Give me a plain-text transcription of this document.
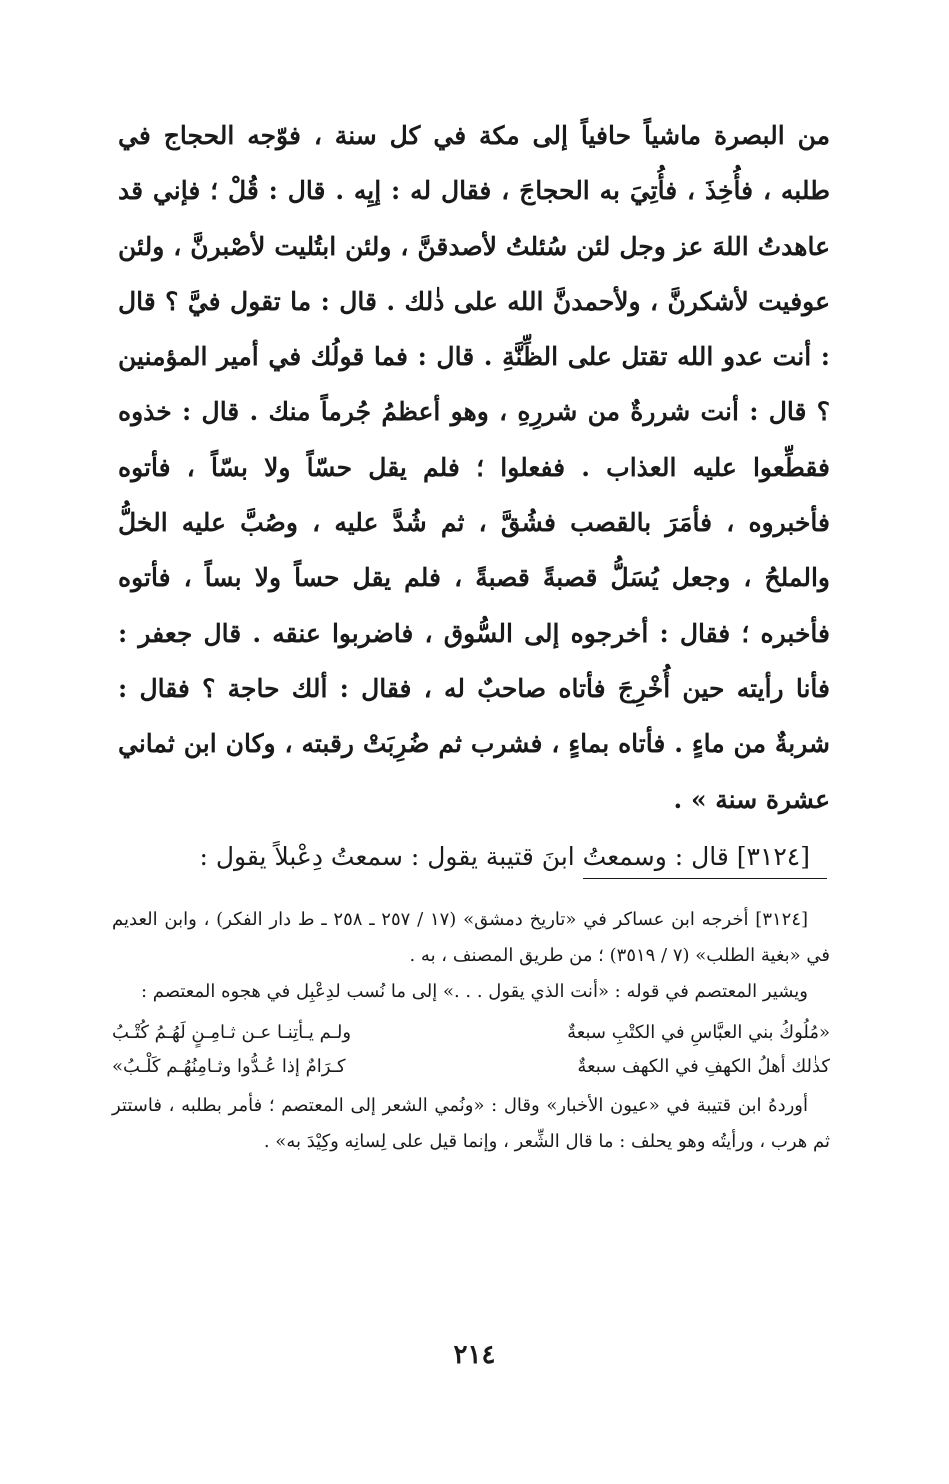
من البصرة ماشياً حافياً إلى مكة في كل سنة ، فوّجه الحجاج في طلبه ، فأُخِذَ ، فأُتِيَ به الحجاجَ ، فقال له : إيِه . قال : قُلْ ؛ فإني قد عاهدتُ اللهَ عز وجل لئن سُئلتُ لأصدقنَّ ، ولئن ابتُليت لأصْبرنَّ ، ولئن عوفيت لأشكرنَّ ، ولأحمدنَّ الله على ذٰلك . قال : ما تقول فيَّ ؟ قال : أنت عدو الله تقتل على الظِّنَّةِ . قال : فما قولُك في أمير المؤمنين ؟ قال : أنت شررةٌ من شررِهِ ، وهو أعظمُ جُرماً منك . قال : خذوه فقطِّعوا عليه العذاب . ففعلوا ؛ فلم يقل حسّاً ولا بسّاً ، فأتوه فأخبروه ، فأمَرَ بالقصب فشُقَّ ، ثم شُدَّ عليه ، وصُبَّ عليه الخلُّ والملحُ ، وجعل يُسَلُّ قصبةً قصبةً ، فلم يقل حساً ولا بساً ، فأتوه فأخبره ؛ فقال : أخرجوه إلى السُّوق ، فاضربوا عنقه . قال جعفر : فأنا رأيته حين أُخْرِجَ فأتاه صاحبٌ له ، فقال : ألك حاجة ؟ فقال : شربةٌ من ماءٍ . فأتاه بماءٍ ، فشرب ثم ضُرِبَتْ رقبته ، وكان ابن ثماني عشرة سنة » .

[٣١٢٤] قال : وسمعتُ ابنَ قتيبة يقول : سمعتُ دِعْبلاً يقول :

[٣١٢٤] أخرجه ابن عساكر في «تاريخ دمشق» (١٧ / ٢٥٧ ـ ٢٥٨ ـ ط دار الفكر) ، وابن العديم في «بغية الطلب» (٧ / ٣٥١٩) ؛ من طريق المصنف ، به .

ويشير المعتصم في قوله : «أنت الذي يقول . . .» إلى ما نُسب لدِعْبِل في هجوه المعتصم :

«مُلُوكُ بني العبَّاسِ في الكتْبِ سبعةٌ
ولـم يـأتِنـا عـن ثـامِـنٍ لَهُـمُ كُتْـبُ
كذٰلك أهلُ الكهفِ في الكهف سبعةٌ
كـرَامٌ إذا عُـدُّوا وثـامِنُهُـم كَلْـبُ»

أوردهُ ابن قتيبة في «عيون الأخبار» وقال : «ونُمي الشعر إلى المعتصم ؛ فأمر بطلبه ، فاستتر ثم هرب ، ورأيتُه وهو يحلف : ما قال الشِّعر ، وإنما قيل على لِسانِه وكِيْدَ به» .

٢١٤
